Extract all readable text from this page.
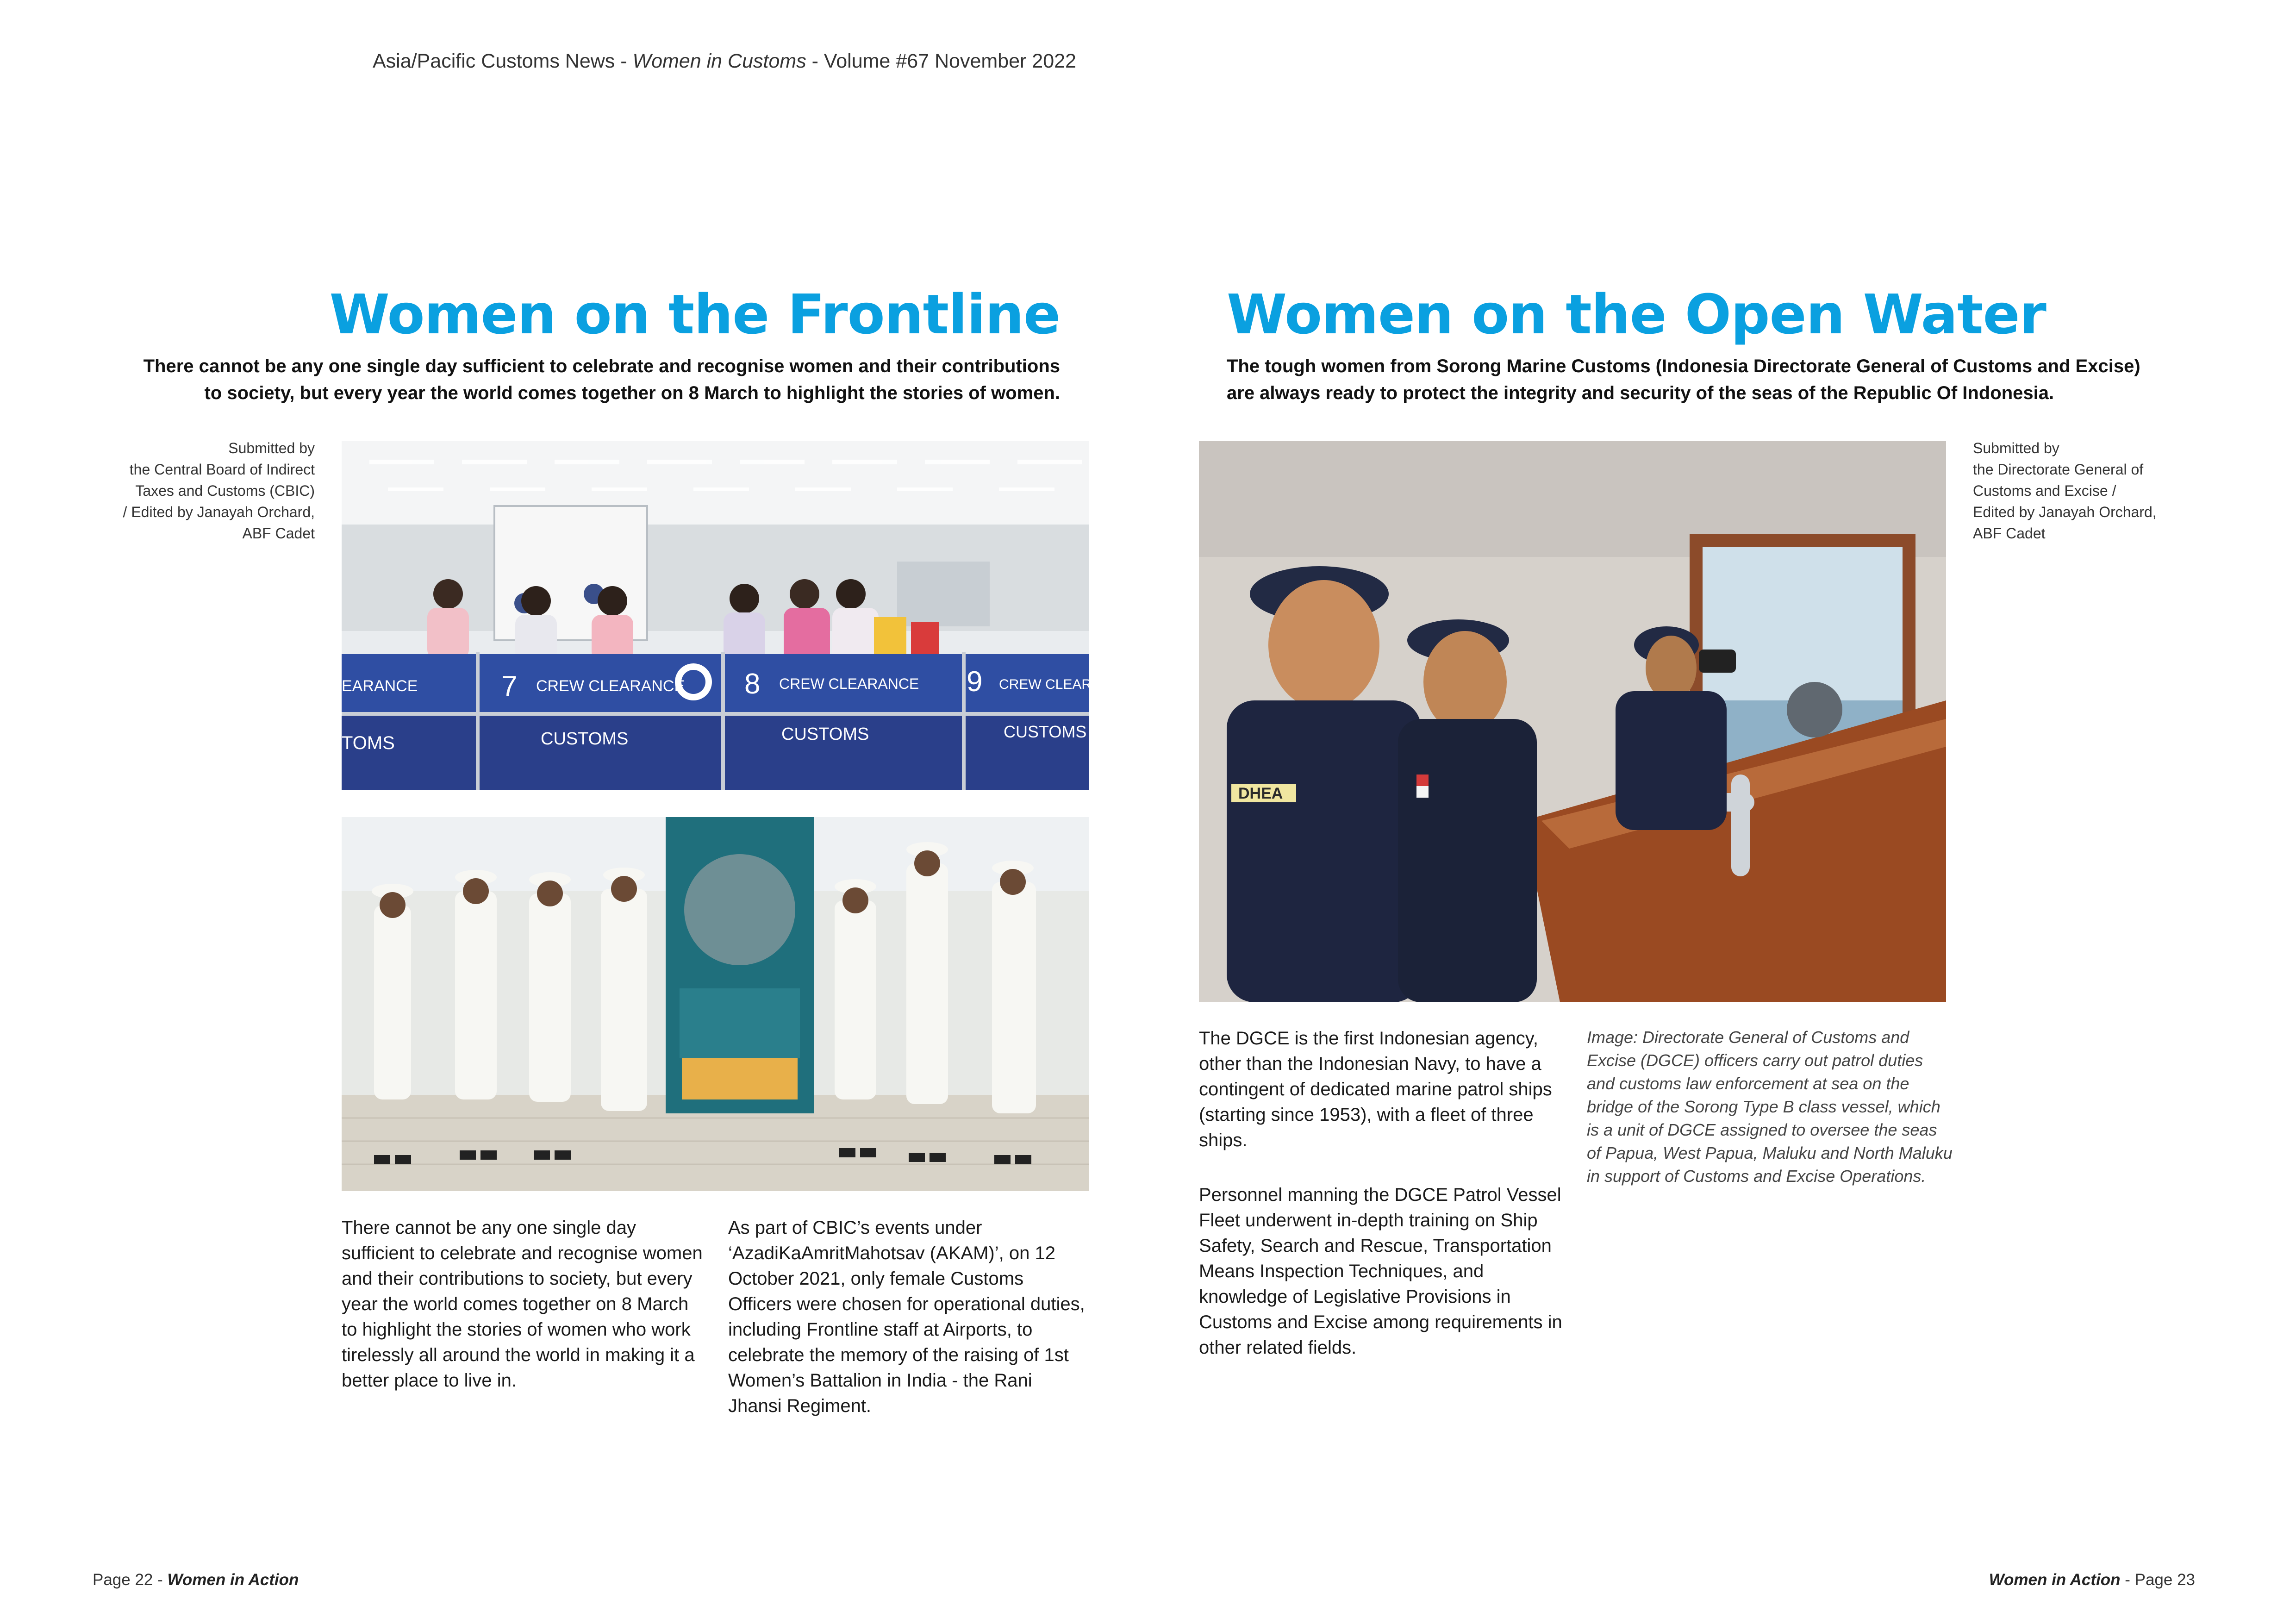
Asia/Pacific Customs News - Women in Customs - Volume #67 November 2022
Women on the Frontline
There cannot be any one single day sufficient to celebrate and recognise women and their contributions
to society, but every year the world comes together on 8 March to highlight the stories of women.
Submitted by
the Central Board of Indirect
Taxes and Customs (CBIC)
/ Edited by Janayah Orchard,
ABF Cadet
EARANCE	7 CREW CLEARANCE 8 CREW CLEARANCE 9 CREW CLEARAN
TOMS	CUSTOMS	CUSTOMS	CUSTOMS
There cannot be any one single day sufficient to celebrate and recognise women and their contributions to society, but every year the world comes together on 8 March to highlight the stories of women who work tirelessly all around the world in making it a better place to live in.
As part of CBIC’s events under ‘AzadiKaAmritMahotsav (AKAM)’, on 12 October 2021, only female Customs Officers were chosen for operational duties, including Frontline staff at Airports, to celebrate the memory of the raising of 1st Women’s Battalion in India - the Rani Jhansi Regiment.
Women on the Open Water
The tough women from Sorong Marine Customs (Indonesia Directorate General of Customs and Excise)
are always ready to protect the integrity and security of the seas of the Republic Of Indonesia.
DHEA
Submitted by
the Directorate General of
Customs and Excise /
Edited by Janayah Orchard,
ABF Cadet
The DGCE is the first Indonesian agency, other than the Indonesian Navy, to have a contingent of dedicated marine patrol ships (starting since 1953), with a fleet of three ships.
Personnel manning the DGCE Patrol Vessel Fleet underwent in-depth training on Ship Safety, Search and Rescue, Transportation Means Inspection Techniques, and knowledge of Legislative Provisions in Customs and Excise among requirements in other related fields.
Image: Directorate General of Customs and Excise (DGCE) officers carry out patrol duties and customs law enforcement at sea on the bridge of the Sorong Type B class vessel, which is a unit of DGCE assigned to oversee the seas of Papua, West Papua, Maluku and North Maluku in support of Customs and Excise Operations.
Page 22 - Women in Action	Women in Action - Page 23
